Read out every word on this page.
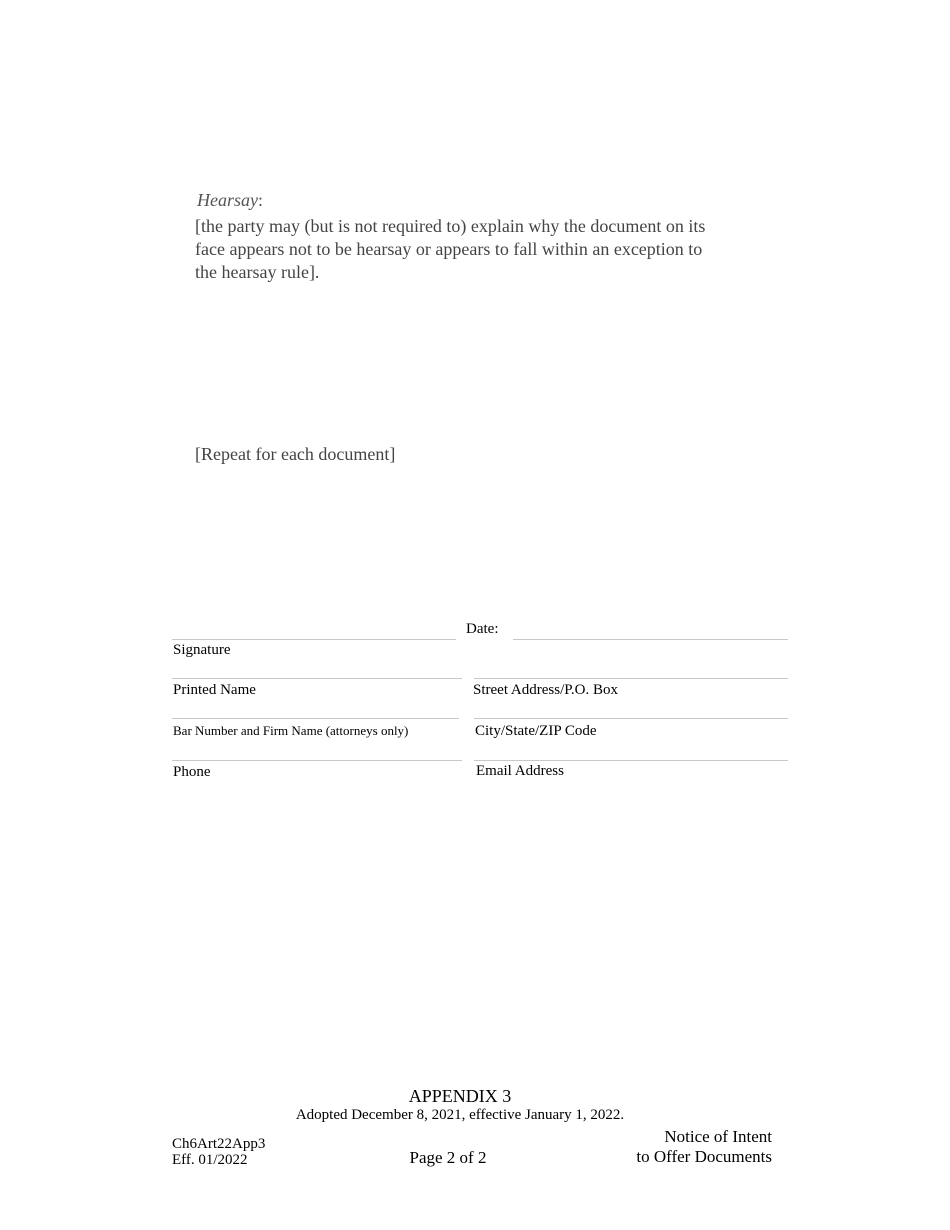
Hearsay:
[the party may (but is not required to) explain why the document on its
face appears not to be hearsay or appears to fall within an exception to
the hearsay rule].
[Repeat for each document]
Date:
Signature
Printed Name	Street Address/P.O. Box
Bar Number and Firm Name (attorneys only)	City/State/ZIP Code
Phone	Email Address
APPENDIX 3
Adopted December 8, 2021, effective January 1, 2022.
Ch6Art22App3
Eff. 01/2022	Page 2 of 2
Notice of Intent
to Offer Documents
